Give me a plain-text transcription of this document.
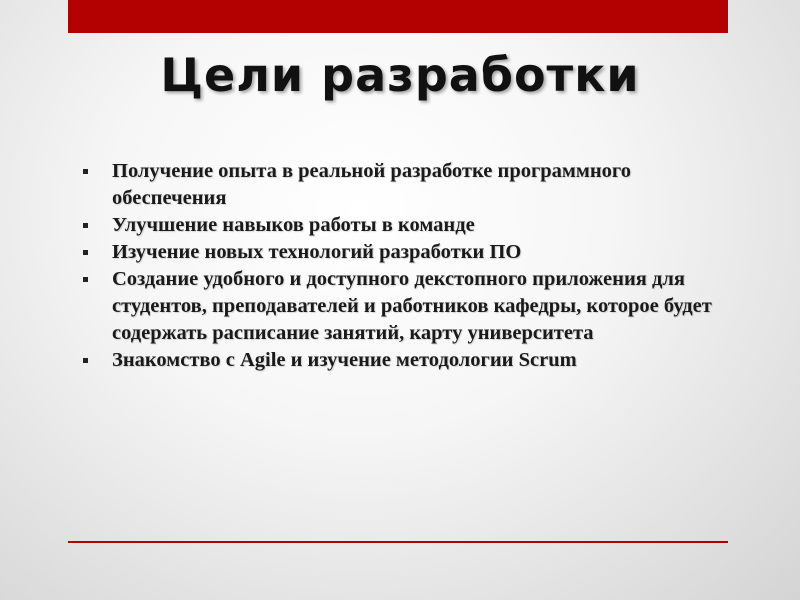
Цели разработки
Получение опыта в реальной разработке программного обеспечения
Улучшение навыков работы в команде
Изучение новых технологий разработки ПО
Создание удобного и доступного декстопного приложения для студентов, преподавателей и работников кафедры, которое будет содержать расписание занятий, карту университета
Знакомство с Agile и изучение методологии Scrum
